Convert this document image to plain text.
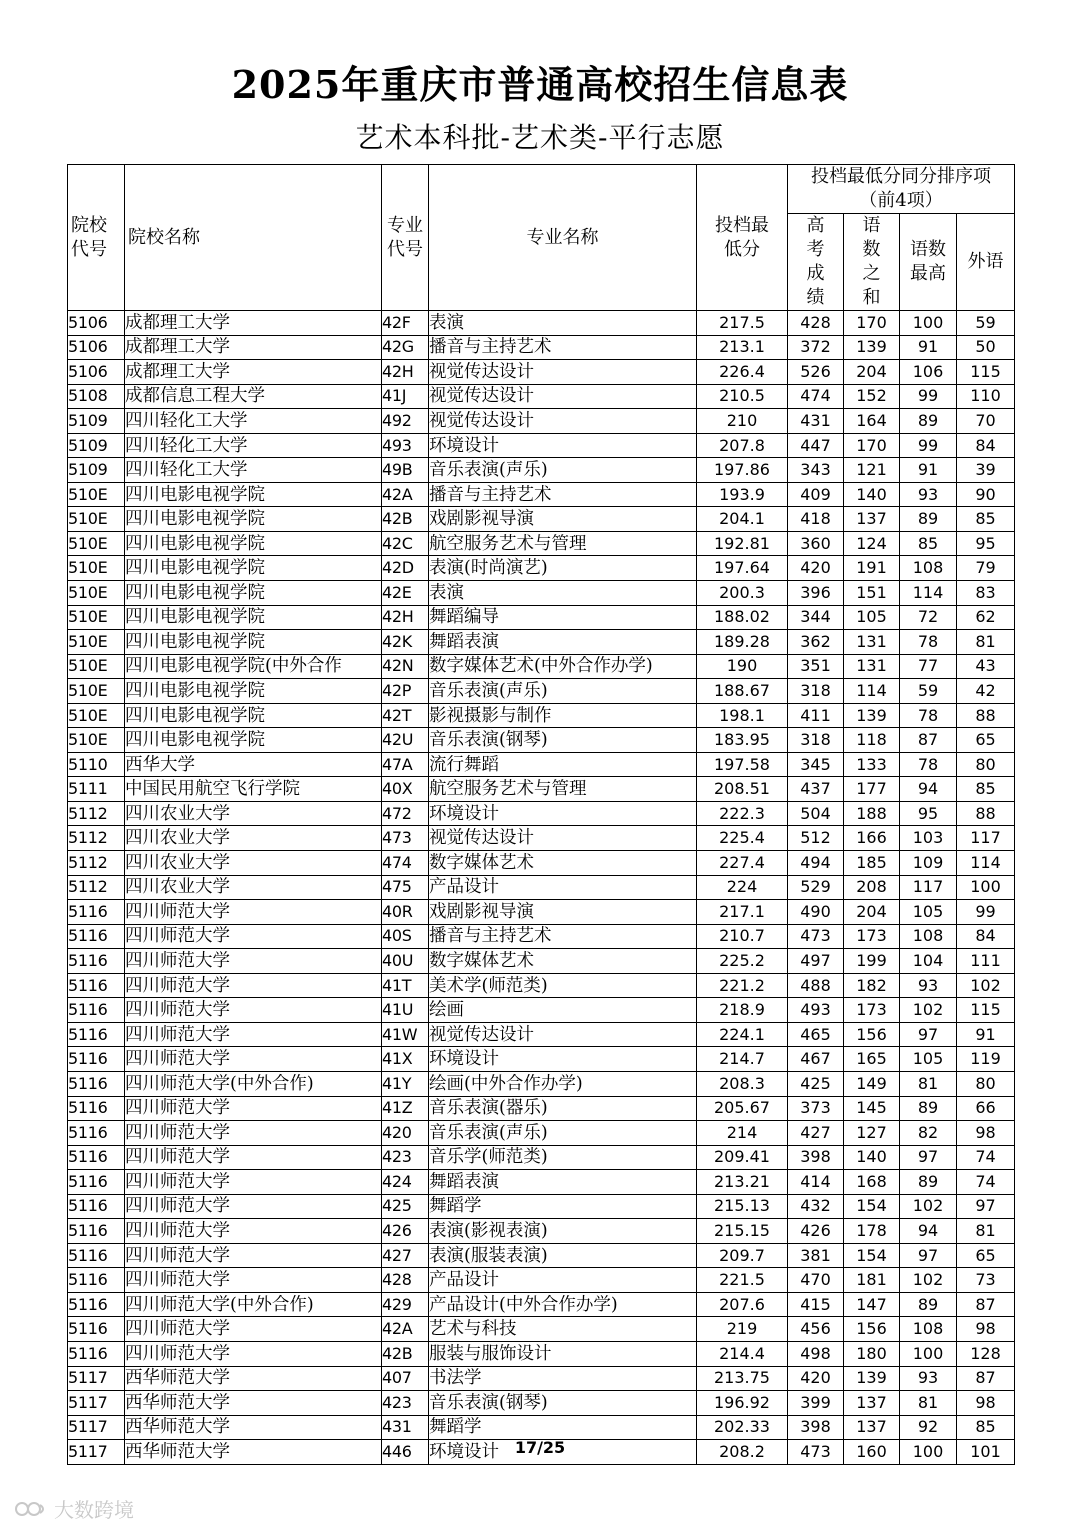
2025年重庆市普通高校招生信息表
艺术本科批-艺术类-平行志愿
院校代号	院校名称	专业代号	专业名称	投档最低分	投档最低分同分排序项（前4项）			
					高考成绩	语数之和	语数最高	外语
5106	成都理工大学	42F	表演	217.5	428	170	100	59
5106	成都理工大学	42G	播音与主持艺术	213.1	372	139	91	50
5106	成都理工大学	42H	视觉传达设计	226.4	526	204	106	115
5108	成都信息工程大学	41J	视觉传达设计	210.5	474	152	99	110
5109	四川轻化工大学	492	视觉传达设计	210	431	164	89	70
5109	四川轻化工大学	493	环境设计	207.8	447	170	99	84
5109	四川轻化工大学	49B	音乐表演(声乐)	197.86	343	121	91	39
510E	四川电影电视学院	42A	播音与主持艺术	193.9	409	140	93	90
510E	四川电影电视学院	42B	戏剧影视导演	204.1	418	137	89	85
510E	四川电影电视学院	42C	航空服务艺术与管理	192.81	360	124	85	95
510E	四川电影电视学院	42D	表演(时尚演艺)	197.64	420	191	108	79
510E	四川电影电视学院	42E	表演	200.3	396	151	114	83
510E	四川电影电视学院	42H	舞蹈编导	188.02	344	105	72	62
510E	四川电影电视学院	42K	舞蹈表演	189.28	362	131	78	81
510E	四川电影电视学院(中外合作	42N	数字媒体艺术(中外合作办学)	190	351	131	77	43
510E	四川电影电视学院	42P	音乐表演(声乐)	188.67	318	114	59	42
510E	四川电影电视学院	42T	影视摄影与制作	198.1	411	139	78	88
510E	四川电影电视学院	42U	音乐表演(钢琴)	183.95	318	118	87	65
5110	西华大学	47A	流行舞蹈	197.58	345	133	78	80
5111	中国民用航空飞行学院	40X	航空服务艺术与管理	208.51	437	177	94	85
5112	四川农业大学	472	环境设计	222.3	504	188	95	88
5112	四川农业大学	473	视觉传达设计	225.4	512	166	103	117
5112	四川农业大学	474	数字媒体艺术	227.4	494	185	109	114
5112	四川农业大学	475	产品设计	224	529	208	117	100
5116	四川师范大学	40R	戏剧影视导演	217.1	490	204	105	99
5116	四川师范大学	40S	播音与主持艺术	210.7	473	173	108	84
5116	四川师范大学	40U	数字媒体艺术	225.2	497	199	104	111
5116	四川师范大学	41T	美术学(师范类)	221.2	488	182	93	102
5116	四川师范大学	41U	绘画	218.9	493	173	102	115
5116	四川师范大学	41W	视觉传达设计	224.1	465	156	97	91
5116	四川师范大学	41X	环境设计	214.7	467	165	105	119
5116	四川师范大学(中外合作)	41Y	绘画(中外合作办学)	208.3	425	149	81	80
5116	四川师范大学	41Z	音乐表演(器乐)	205.67	373	145	89	66
5116	四川师范大学	420	音乐表演(声乐)	214	427	127	82	98
5116	四川师范大学	423	音乐学(师范类)	209.41	398	140	97	74
5116	四川师范大学	424	舞蹈表演	213.21	414	168	89	74
5116	四川师范大学	425	舞蹈学	215.13	432	154	102	97
5116	四川师范大学	426	表演(影视表演)	215.15	426	178	94	81
5116	四川师范大学	427	表演(服装表演)	209.7	381	154	97	65
5116	四川师范大学	428	产品设计	221.5	470	181	102	73
5116	四川师范大学(中外合作)	429	产品设计(中外合作办学)	207.6	415	147	89	87
5116	四川师范大学	42A	艺术与科技	219	456	156	108	98
5116	四川师范大学	42B	服装与服饰设计	214.4	498	180	100	128
5117	西华师范大学	407	书法学	213.75	420	139	93	87
5117	西华师范大学	423	音乐表演(钢琴)	196.92	399	137	81	98
5117	西华师范大学	431	舞蹈学	202.33	398	137	92	85
5117	西华师范大学	446	环境设计	208.2	473	160	100	101
17/25
大数跨境
